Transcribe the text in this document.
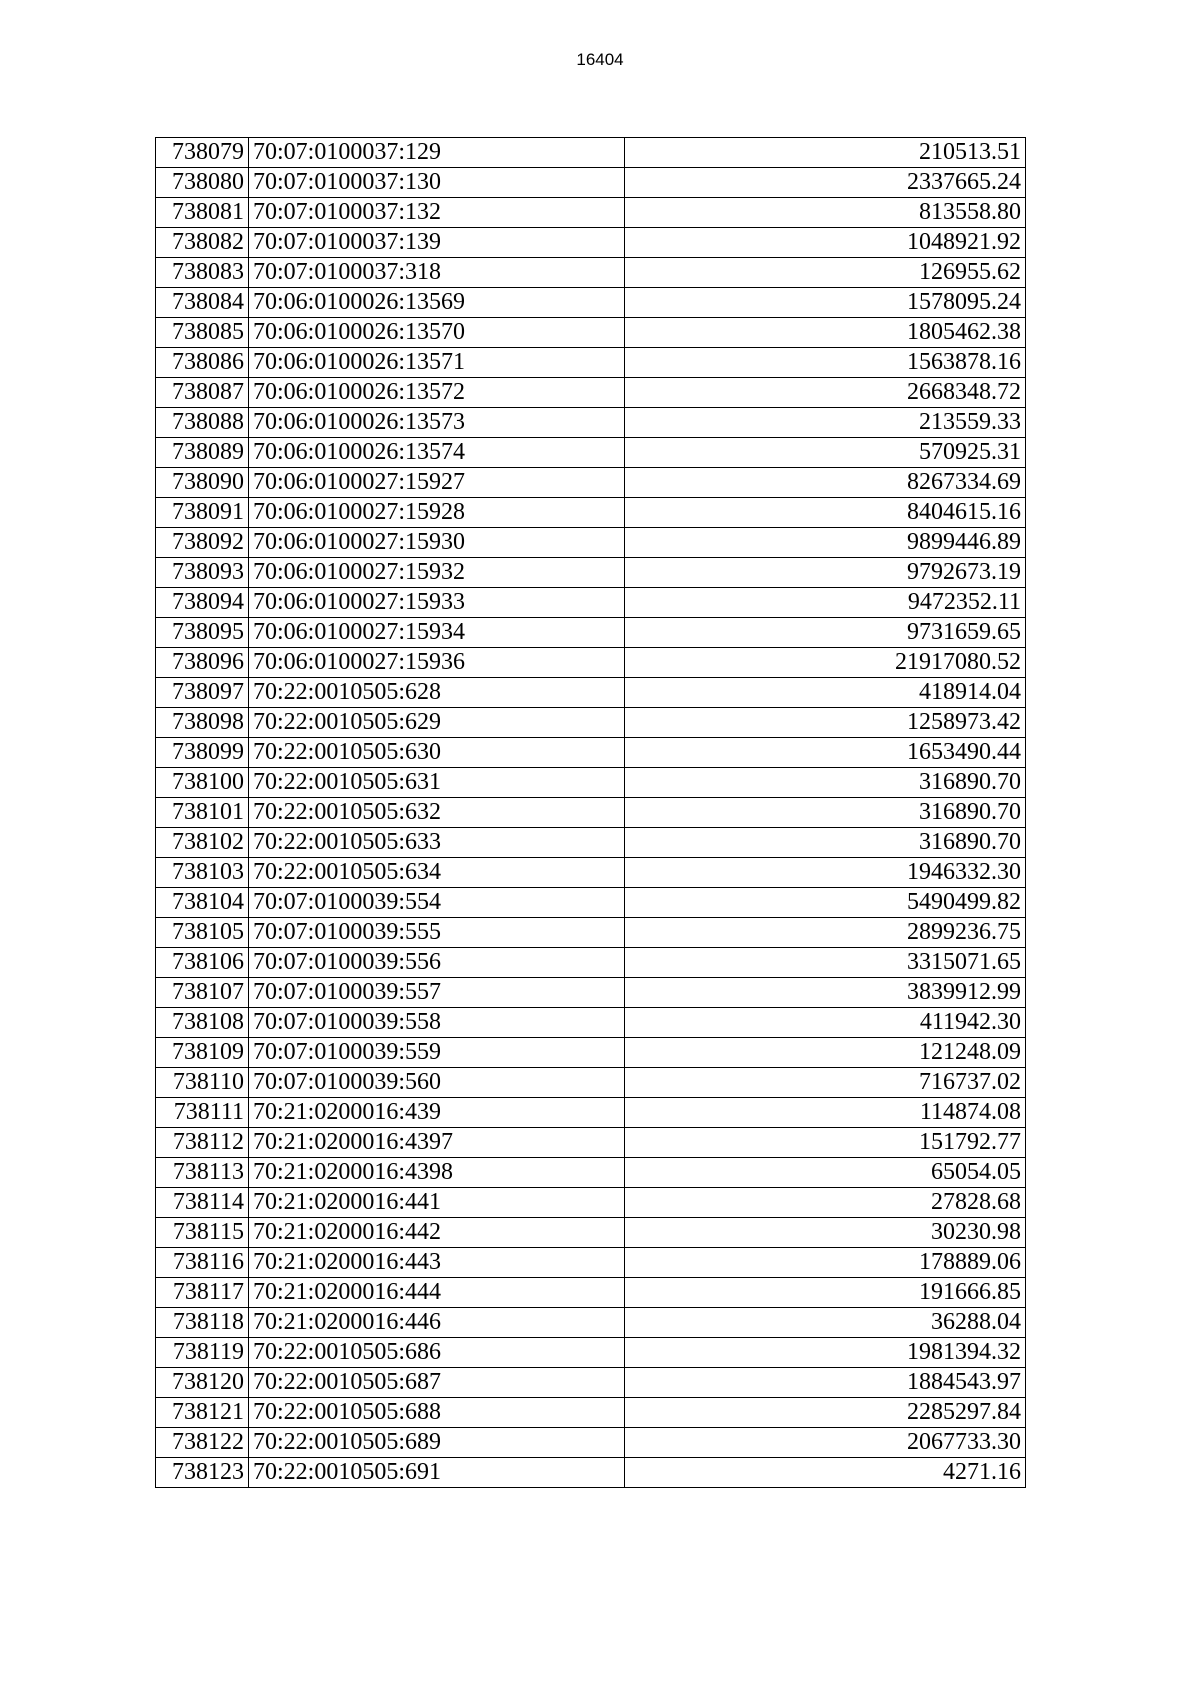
16404
738079	70:07:0100037:129	210513.51
738080	70:07:0100037:130	2337665.24
738081	70:07:0100037:132	813558.80
738082	70:07:0100037:139	1048921.92
738083	70:07:0100037:318	126955.62
738084	70:06:0100026:13569	1578095.24
738085	70:06:0100026:13570	1805462.38
738086	70:06:0100026:13571	1563878.16
738087	70:06:0100026:13572	2668348.72
738088	70:06:0100026:13573	213559.33
738089	70:06:0100026:13574	570925.31
738090	70:06:0100027:15927	8267334.69
738091	70:06:0100027:15928	8404615.16
738092	70:06:0100027:15930	9899446.89
738093	70:06:0100027:15932	9792673.19
738094	70:06:0100027:15933	9472352.11
738095	70:06:0100027:15934	9731659.65
738096	70:06:0100027:15936	21917080.52
738097	70:22:0010505:628	418914.04
738098	70:22:0010505:629	1258973.42
738099	70:22:0010505:630	1653490.44
738100	70:22:0010505:631	316890.70
738101	70:22:0010505:632	316890.70
738102	70:22:0010505:633	316890.70
738103	70:22:0010505:634	1946332.30
738104	70:07:0100039:554	5490499.82
738105	70:07:0100039:555	2899236.75
738106	70:07:0100039:556	3315071.65
738107	70:07:0100039:557	3839912.99
738108	70:07:0100039:558	411942.30
738109	70:07:0100039:559	121248.09
738110	70:07:0100039:560	716737.02
738111	70:21:0200016:439	114874.08
738112	70:21:0200016:4397	151792.77
738113	70:21:0200016:4398	65054.05
738114	70:21:0200016:441	27828.68
738115	70:21:0200016:442	30230.98
738116	70:21:0200016:443	178889.06
738117	70:21:0200016:444	191666.85
738118	70:21:0200016:446	36288.04
738119	70:22:0010505:686	1981394.32
738120	70:22:0010505:687	1884543.97
738121	70:22:0010505:688	2285297.84
738122	70:22:0010505:689	2067733.30
738123	70:22:0010505:691	4271.16
